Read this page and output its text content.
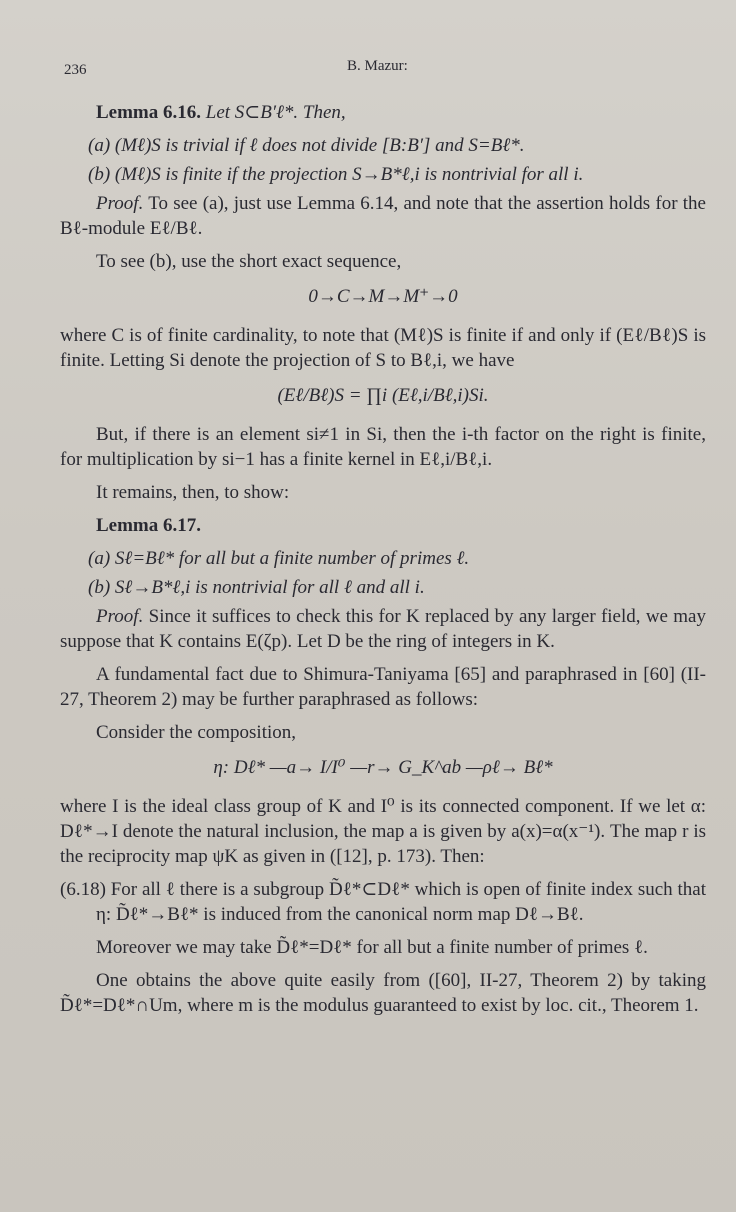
236	B. Mazur:

Lemma 6.16. Let S⊂B′ℓ*. Then,

(a) (Mℓ)S is trivial if ℓ does not divide [B:B′] and S=Bℓ*.

(b) (Mℓ)S is finite if the projection S→B*ℓ,i is nontrivial for all i.

Proof. To see (a), just use Lemma 6.14, and note that the assertion holds for the Bℓ-module Eℓ/Bℓ.

To see (b), use the short exact sequence,

0→C→M→M⁺→0

where C is of finite cardinality, to note that (Mℓ)S is finite if and only if (Eℓ/Bℓ)S is finite. Letting Si denote the projection of S to Bℓ,i, we have

(Eℓ/Bℓ)S = ∏i (Eℓ,i/Bℓ,i)Si.

But, if there is an element si≠1 in Si, then the i-th factor on the right is finite, for multiplication by si−1 has a finite kernel in Eℓ,i/Bℓ,i.

It remains, then, to show:

Lemma 6.17.

(a) Sℓ=Bℓ* for all but a finite number of primes ℓ.

(b) Sℓ→B*ℓ,i is nontrivial for all ℓ and all i.

Proof. Since it suffices to check this for K replaced by any larger field, we may suppose that K contains E(ζp). Let D be the ring of integers in K.

A fundamental fact due to Shimura-Taniyama [65] and paraphrased in [60] (II-27, Theorem 2) may be further paraphrased as follows:

Consider the composition,

η: Dℓ* —a→ I/I⁰ —r→ G_K^ab —ρℓ→ Bℓ*

where I is the ideal class group of K and I⁰ is its connected component. If we let α: Dℓ*→I denote the natural inclusion, the map a is given by a(x)=α(x⁻¹). The map r is the reciprocity map ψK as given in ([12], p. 173). Then:

(6.18) For all ℓ there is a subgroup D̃ℓ*⊂Dℓ* which is open of finite index such that η: D̃ℓ*→Bℓ* is induced from the canonical norm map Dℓ→Bℓ.

Moreover we may take D̃ℓ*=Dℓ* for all but a finite number of primes ℓ.

One obtains the above quite easily from ([60], II-27, Theorem 2) by taking D̃ℓ*=Dℓ*∩Um, where m is the modulus guaranteed to exist by loc. cit., Theorem 1.
